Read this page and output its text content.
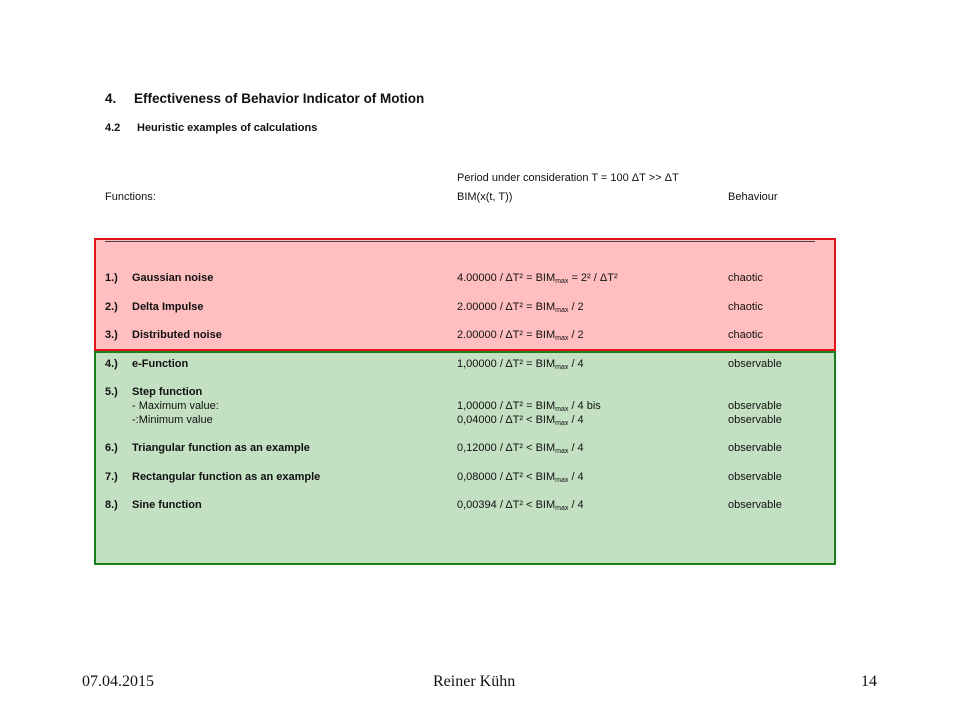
4. Effectiveness of Behavior Indicator of Motion
4.2 Heuristic examples of calculations
Period under consideration T = 100 ΔT >> ΔT
Functions:	BIM(x(t, T))	Behaviour
1.) Gaussian noise	$4.00000 / \Delta T^2 = BIM_{max} = 2^2 / \Delta T^2$	chaotic
2.) Delta Impulse	$2.00000 / \Delta T^2 = BIM_{max} / 2$	chaotic
3.) Distributed noise	$2.00000 / \Delta T^2 = BIM_{max} / 2$	chaotic
4.) e-Function	$1,00000 / \Delta T^2 = BIM_{max} / 4$	observable
5.) Step function
- Maximum value:	$1,00000 / \Delta T^2 = BIM_{max} / 4$ bis	observable
-:Minimum value	$0,04000 / \Delta T^2 < BIM_{max} / 4$	observable
6.) Triangular function as an example	$0,12000 / \Delta T^2 < BIM_{max} / 4$	observable
7.) Rectangular function as an example	$0,08000 / \Delta T^2 < BIM_{max} / 4$	observable
8.) Sine function	$0,00394 / \Delta T^2 < BIM_{max} / 4$	observable
07.04.2015	Reiner Kühn	14
